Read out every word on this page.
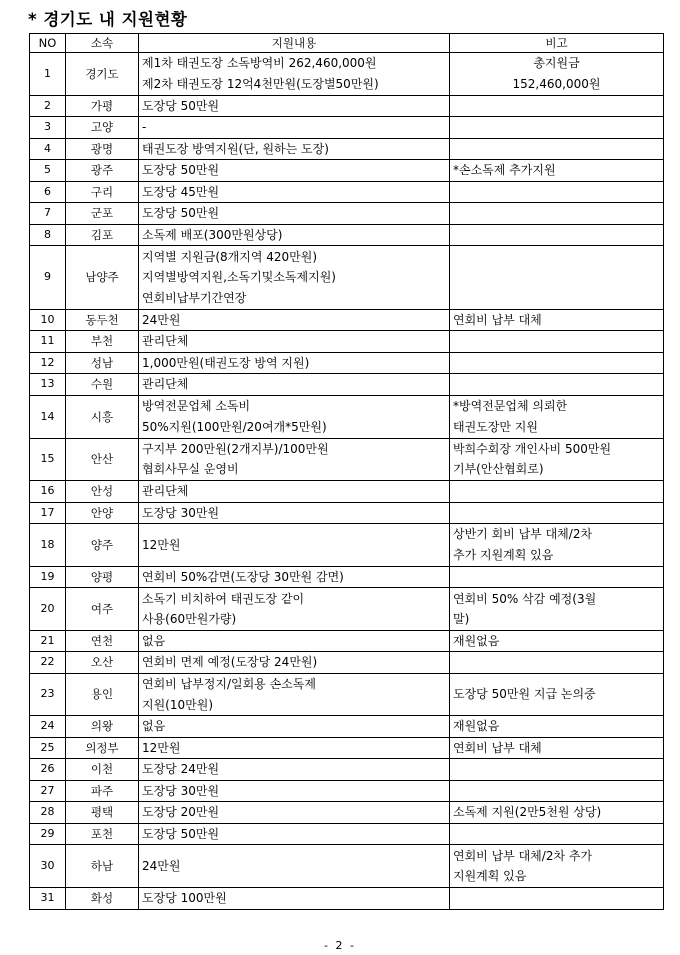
* 경기도 내 지원현황
NO	소속	지원내용	비고
1	경기도	제1차 태권도장 소독방역비 262,460,000원
제2차 태권도장 12억4천만원(도장별50만원)	총지원금
152,460,000원

2	가평	도장당 50만원	

3	고양	-	

4	광명	태권도장 방역지원(단, 원하는 도장)	

5	광주	도장당 50만원	*손소독제 추가지원

6	구리	도장당 45만원	

7	군포	도장당 50만원	

8	김포	소독제 배포(300만원상당)	

9	남양주	지역별 지원금(8개지역 420만원)
지역별방역지원,소독기및소독제지원)
연회비납부기간연장	

10	동두천	24만원	연회비 납부 대체

11	부천	관리단체	

12	성남	1,000만원(태권도장 방역 지원)	

13	수원	관리단체	

14	시흥	방역전문업체 소독비
50%지원(100만원/20여개*5만원)	*방역전문업체 의뢰한
태권도장만 지원

15	안산	구지부 200만원(2개지부)/100만원
협회사무실 운영비	박희수회장 개인사비 500만원
기부(안산협회로)

16	안성	관리단체	

17	안양	도장당 30만원	

18	양주	12만원	상반기 회비 납부 대체/2차
추가 지원계획 있음

19	양평	연회비 50%감면(도장당 30만원 감면)	

20	여주	소독기 비치하여 태권도장 같이
사용(60만원가량)	연회비 50% 삭감 예정(3월
말)

21	연천	없음	재원없음

22	오산	연회비 면제 예정(도장당 24만원)	

23	용인	연회비 납부정지/일회용 손소독제
지원(10만원)	도장당 50만원 지급 논의중

24	의왕	없음	재원없음

25	의정부	12만원	연회비 납부 대체

26	이천	도장당 24만원	

27	파주	도장당 30만원	

28	평택	도장당 20만원	소독제 지원(2만5천원 상당)

29	포천	도장당 50만원	

30	하남	24만원	연회비 납부 대체/2차 추가
지원계획 있음

31	화성	도장당 100만원	

- 2 -
